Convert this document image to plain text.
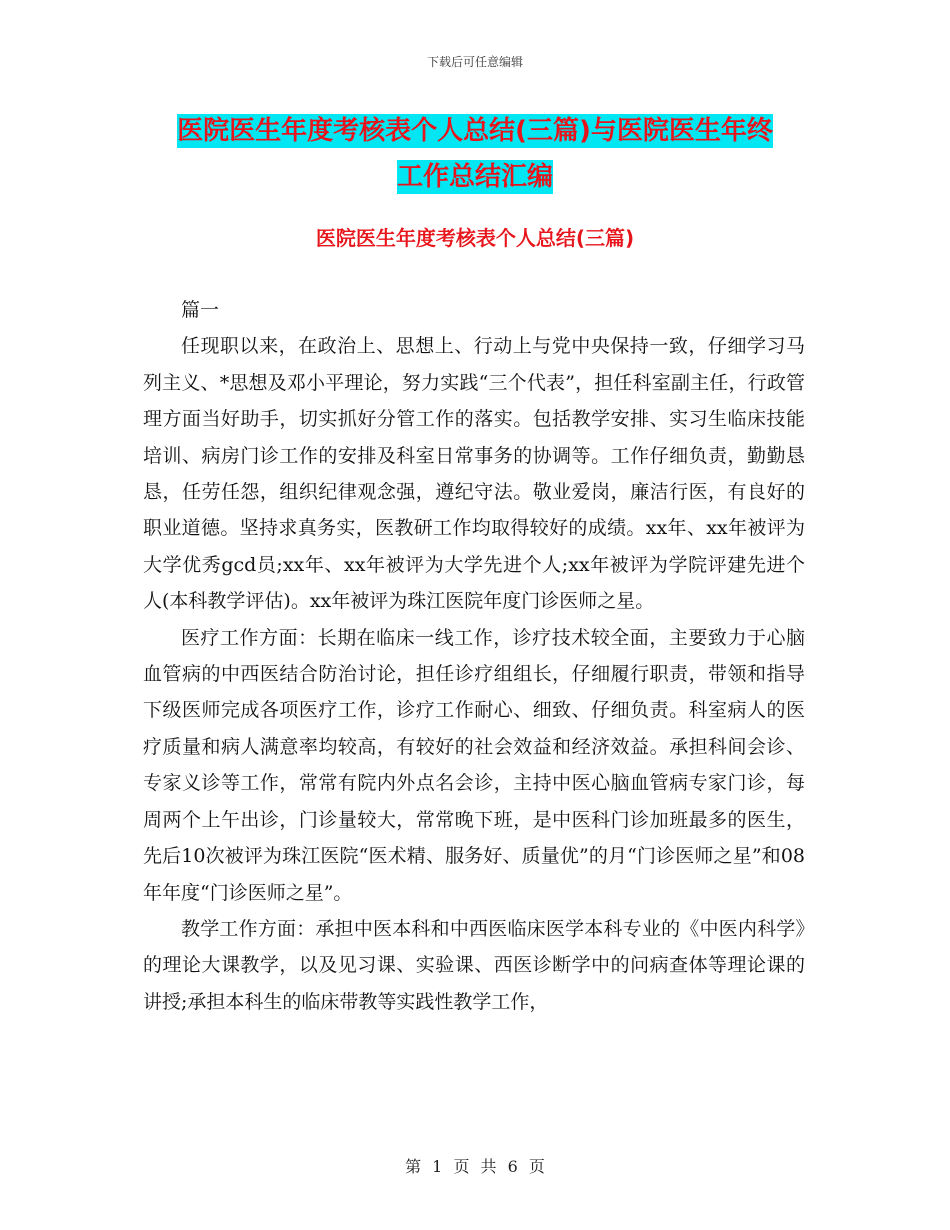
下载后可任意编辑
医院医生年度考核表个人总结(三篇)与医院医生年终
工作总结汇编
医院医生年度考核表个人总结(三篇)

篇一

任现职以来，在政治上、思想上、行动上与党中央保持一致，仔细学习马列主义、*思想及邓小平理论，努力实践“三个代表”，担任科室副主任，行政管理方面当好助手，切实抓好分管工作的落实。包括教学安排、实习生临床技能培训、病房门诊工作的安排及科室日常事务的协调等。工作仔细负责，勤勤恳恳，任劳任怨，组织纪律观念强，遵纪守法。敬业爱岗，廉洁行医，有良好的职业道德。坚持求真务实，医教研工作均取得较好的成绩。xx年、xx年被评为大学优秀gcd员;xx年、xx年被评为大学先进个人;xx年被评为学院评建先进个人(本科教学评估)。xx年被评为珠江医院年度门诊医师之星。

医疗工作方面：长期在临床一线工作，诊疗技术较全面，主要致力于心脑血管病的中西医结合防治讨论，担任诊疗组组长，仔细履行职责，带领和指导下级医师完成各项医疗工作，诊疗工作耐心、细致、仔细负责。科室病人的医疗质量和病人满意率均较高，有较好的社会效益和经济效益。承担科间会诊、专家义诊等工作，常常有院内外点名会诊，主持中医心脑血管病专家门诊，每周两个上午出诊，门诊量较大，常常晚下班，是中医科门诊加班最多的医生，先后10次被评为珠江医院“医术精、服务好、质量优”的月“门诊医师之星”和08年年度“门诊医师之星”。

教学工作方面：承担中医本科和中西医临床医学本科专业的《中医内科学》的理论大课教学，以及见习课、实验课、西医诊断学中的问病查体等理论课的讲授;承担本科生的临床带教等实践性教学工作，

第 1 页 共 6 页
